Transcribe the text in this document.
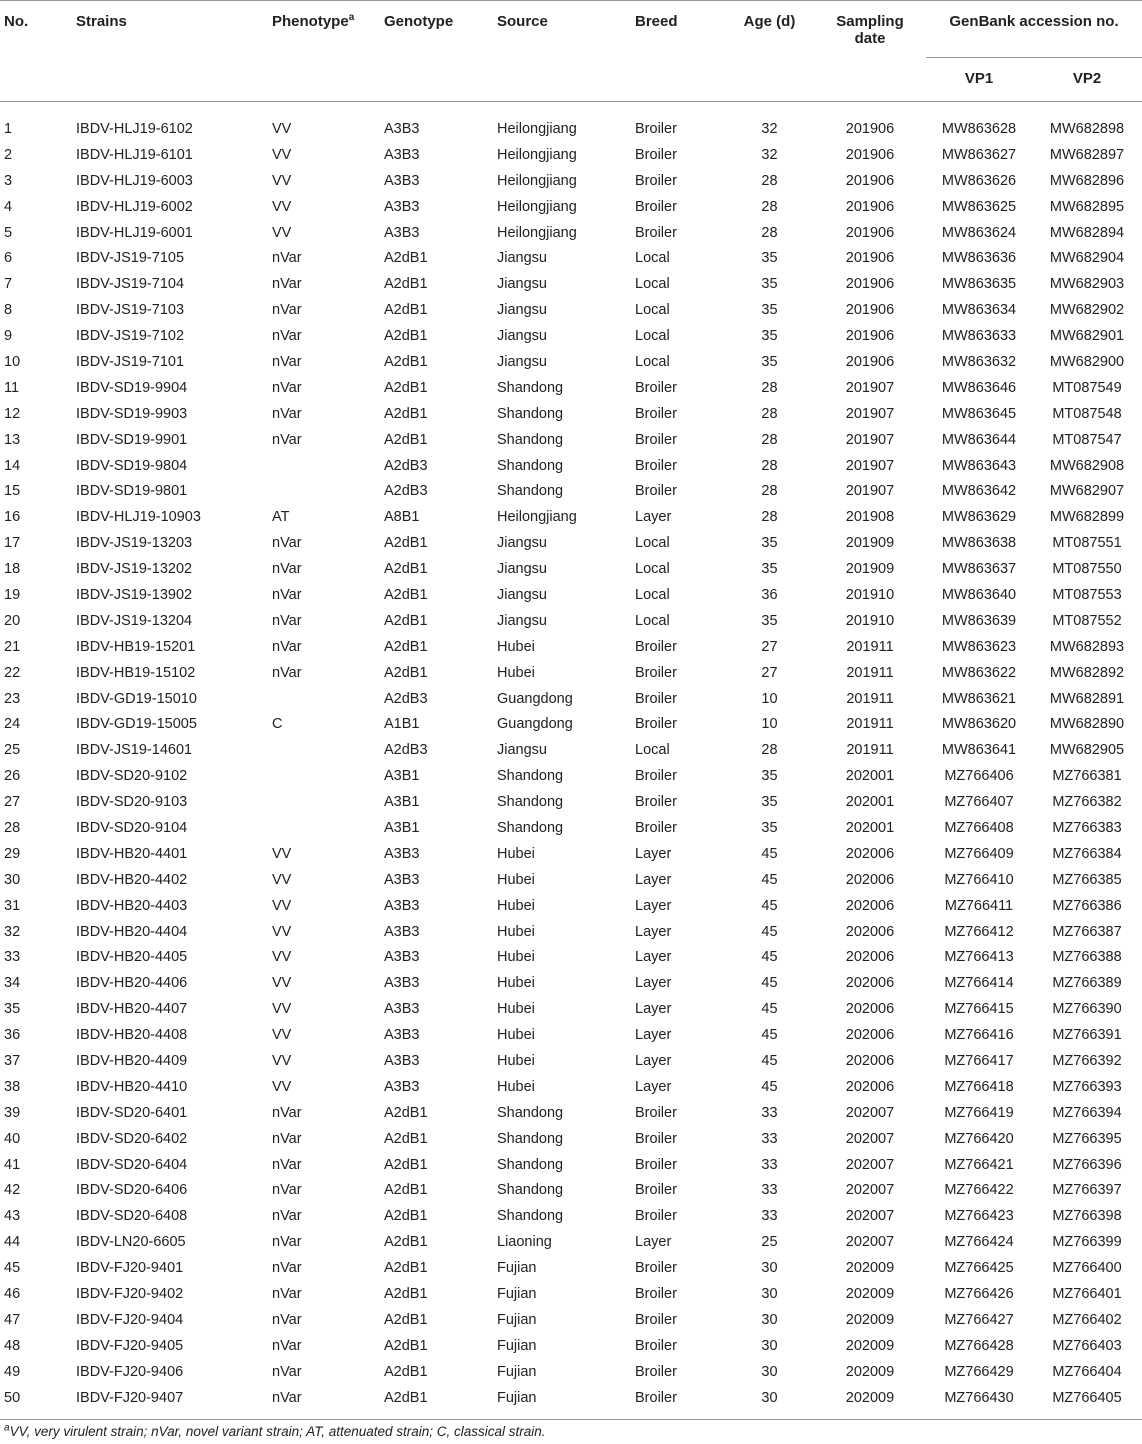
No.	Strains	Phenotype$^a$	Genotype	Source	Breed	Age (d)	Sampling
date	GenBank accession no.	
								VP1	VP2
1	IBDV-HLJ19-6102	VV	A3B3	Heilongjiang	Broiler	32	201906	MW863628	MW682898
2	IBDV-HLJ19-6101	VV	A3B3	Heilongjiang	Broiler	32	201906	MW863627	MW682897
3	IBDV-HLJ19-6003	VV	A3B3	Heilongjiang	Broiler	28	201906	MW863626	MW682896
4	IBDV-HLJ19-6002	VV	A3B3	Heilongjiang	Broiler	28	201906	MW863625	MW682895
5	IBDV-HLJ19-6001	VV	A3B3	Heilongjiang	Broiler	28	201906	MW863624	MW682894
6	IBDV-JS19-7105	nVar	A2dB1	Jiangsu	Local	35	201906	MW863636	MW682904
7	IBDV-JS19-7104	nVar	A2dB1	Jiangsu	Local	35	201906	MW863635	MW682903
8	IBDV-JS19-7103	nVar	A2dB1	Jiangsu	Local	35	201906	MW863634	MW682902
9	IBDV-JS19-7102	nVar	A2dB1	Jiangsu	Local	35	201906	MW863633	MW682901
10	IBDV-JS19-7101	nVar	A2dB1	Jiangsu	Local	35	201906	MW863632	MW682900
11	IBDV-SD19-9904	nVar	A2dB1	Shandong	Broiler	28	201907	MW863646	MT087549
12	IBDV-SD19-9903	nVar	A2dB1	Shandong	Broiler	28	201907	MW863645	MT087548
13	IBDV-SD19-9901	nVar	A2dB1	Shandong	Broiler	28	201907	MW863644	MT087547
14	IBDV-SD19-9804		A2dB3	Shandong	Broiler	28	201907	MW863643	MW682908
15	IBDV-SD19-9801		A2dB3	Shandong	Broiler	28	201907	MW863642	MW682907
16	IBDV-HLJ19-10903	AT	A8B1	Heilongjiang	Layer	28	201908	MW863629	MW682899
17	IBDV-JS19-13203	nVar	A2dB1	Jiangsu	Local	35	201909	MW863638	MT087551
18	IBDV-JS19-13202	nVar	A2dB1	Jiangsu	Local	35	201909	MW863637	MT087550
19	IBDV-JS19-13902	nVar	A2dB1	Jiangsu	Local	36	201910	MW863640	MT087553
20	IBDV-JS19-13204	nVar	A2dB1	Jiangsu	Local	35	201910	MW863639	MT087552
21	IBDV-HB19-15201	nVar	A2dB1	Hubei	Broiler	27	201911	MW863623	MW682893
22	IBDV-HB19-15102	nVar	A2dB1	Hubei	Broiler	27	201911	MW863622	MW682892
23	IBDV-GD19-15010		A2dB3	Guangdong	Broiler	10	201911	MW863621	MW682891
24	IBDV-GD19-15005	C	A1B1	Guangdong	Broiler	10	201911	MW863620	MW682890
25	IBDV-JS19-14601		A2dB3	Jiangsu	Local	28	201911	MW863641	MW682905
26	IBDV-SD20-9102		A3B1	Shandong	Broiler	35	202001	MZ766406	MZ766381
27	IBDV-SD20-9103		A3B1	Shandong	Broiler	35	202001	MZ766407	MZ766382
28	IBDV-SD20-9104		A3B1	Shandong	Broiler	35	202001	MZ766408	MZ766383
29	IBDV-HB20-4401	VV	A3B3	Hubei	Layer	45	202006	MZ766409	MZ766384
30	IBDV-HB20-4402	VV	A3B3	Hubei	Layer	45	202006	MZ766410	MZ766385
31	IBDV-HB20-4403	VV	A3B3	Hubei	Layer	45	202006	MZ766411	MZ766386
32	IBDV-HB20-4404	VV	A3B3	Hubei	Layer	45	202006	MZ766412	MZ766387
33	IBDV-HB20-4405	VV	A3B3	Hubei	Layer	45	202006	MZ766413	MZ766388
34	IBDV-HB20-4406	VV	A3B3	Hubei	Layer	45	202006	MZ766414	MZ766389
35	IBDV-HB20-4407	VV	A3B3	Hubei	Layer	45	202006	MZ766415	MZ766390
36	IBDV-HB20-4408	VV	A3B3	Hubei	Layer	45	202006	MZ766416	MZ766391
37	IBDV-HB20-4409	VV	A3B3	Hubei	Layer	45	202006	MZ766417	MZ766392
38	IBDV-HB20-4410	VV	A3B3	Hubei	Layer	45	202006	MZ766418	MZ766393
39	IBDV-SD20-6401	nVar	A2dB1	Shandong	Broiler	33	202007	MZ766419	MZ766394
40	IBDV-SD20-6402	nVar	A2dB1	Shandong	Broiler	33	202007	MZ766420	MZ766395
41	IBDV-SD20-6404	nVar	A2dB1	Shandong	Broiler	33	202007	MZ766421	MZ766396
42	IBDV-SD20-6406	nVar	A2dB1	Shandong	Broiler	33	202007	MZ766422	MZ766397
43	IBDV-SD20-6408	nVar	A2dB1	Shandong	Broiler	33	202007	MZ766423	MZ766398
44	IBDV-LN20-6605	nVar	A2dB1	Liaoning	Layer	25	202007	MZ766424	MZ766399
45	IBDV-FJ20-9401	nVar	A2dB1	Fujian	Broiler	30	202009	MZ766425	MZ766400
46	IBDV-FJ20-9402	nVar	A2dB1	Fujian	Broiler	30	202009	MZ766426	MZ766401
47	IBDV-FJ20-9404	nVar	A2dB1	Fujian	Broiler	30	202009	MZ766427	MZ766402
48	IBDV-FJ20-9405	nVar	A2dB1	Fujian	Broiler	30	202009	MZ766428	MZ766403
49	IBDV-FJ20-9406	nVar	A2dB1	Fujian	Broiler	30	202009	MZ766429	MZ766404
50	IBDV-FJ20-9407	nVar	A2dB1	Fujian	Broiler	30	202009	MZ766430	MZ766405
$^a$VV, very virulent strain; nVar, novel variant strain; AT, attenuated strain; C, classical strain.
